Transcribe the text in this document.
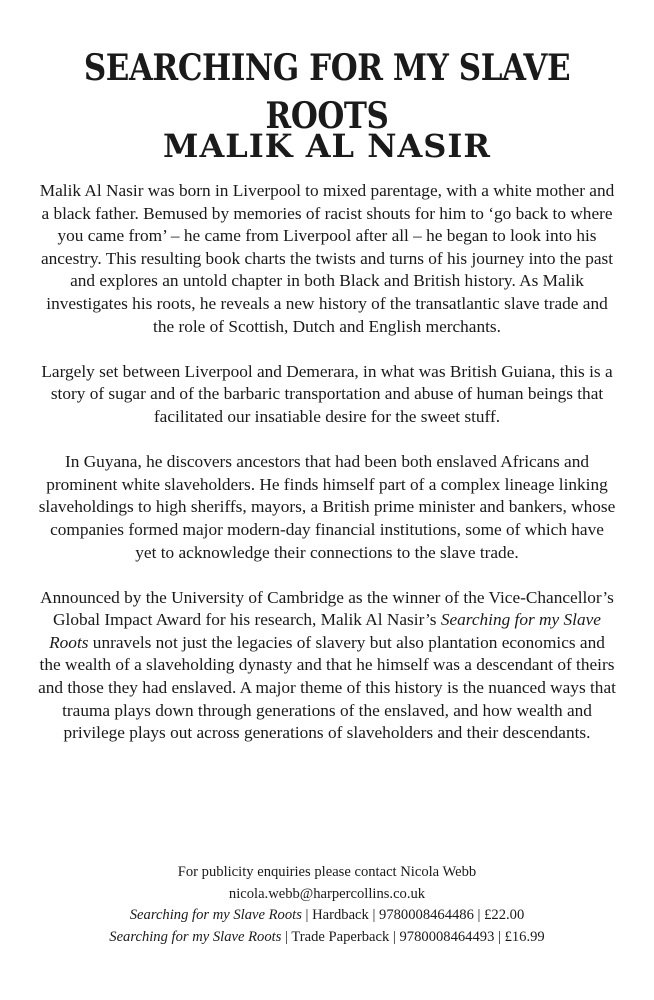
SEARCHING FOR MY SLAVE ROOTS
MALIK AL NASIR

Malik Al Nasir was born in Liverpool to mixed parentage, with a white mother and a black father. Bemused by memories of racist shouts for him to ‘go back to where you came from’ – he came from Liverpool after all – he began to look into his ancestry. This resulting book charts the twists and turns of his journey into the past and explores an untold chapter in both Black and British history. As Malik investigates his roots, he reveals a new history of the transatlantic slave trade and the role of Scottish, Dutch and English merchants.

Largely set between Liverpool and Demerara, in what was British Guiana, this is a story of sugar and of the barbaric transportation and abuse of human beings that facilitated our insatiable desire for the sweet stuff.

In Guyana, he discovers ancestors that had been both enslaved Africans and prominent white slaveholders. He finds himself part of a complex lineage linking slaveholdings to high sheriffs, mayors, a British prime minister and bankers, whose companies formed major modern-day financial institutions, some of which have yet to acknowledge their connections to the slave trade.

Announced by the University of Cambridge as the winner of the Vice-Chancellor’s Global Impact Award for his research, Malik Al Nasir’s Searching for my Slave Roots unravels not just the legacies of slavery but also plantation economics and the wealth of a slaveholding dynasty and that he himself was a descendant of theirs and those they had enslaved. A major theme of this history is the nuanced ways that trauma plays down through generations of the enslaved, and how wealth and privilege plays out across generations of slaveholders and their descendants.

For publicity enquiries please contact Nicola Webb
nicola.webb@harpercollins.co.uk
Searching for my Slave Roots | Hardback | 9780008464486 | £22.00
Searching for my Slave Roots | Trade Paperback | 9780008464493 | £16.99
